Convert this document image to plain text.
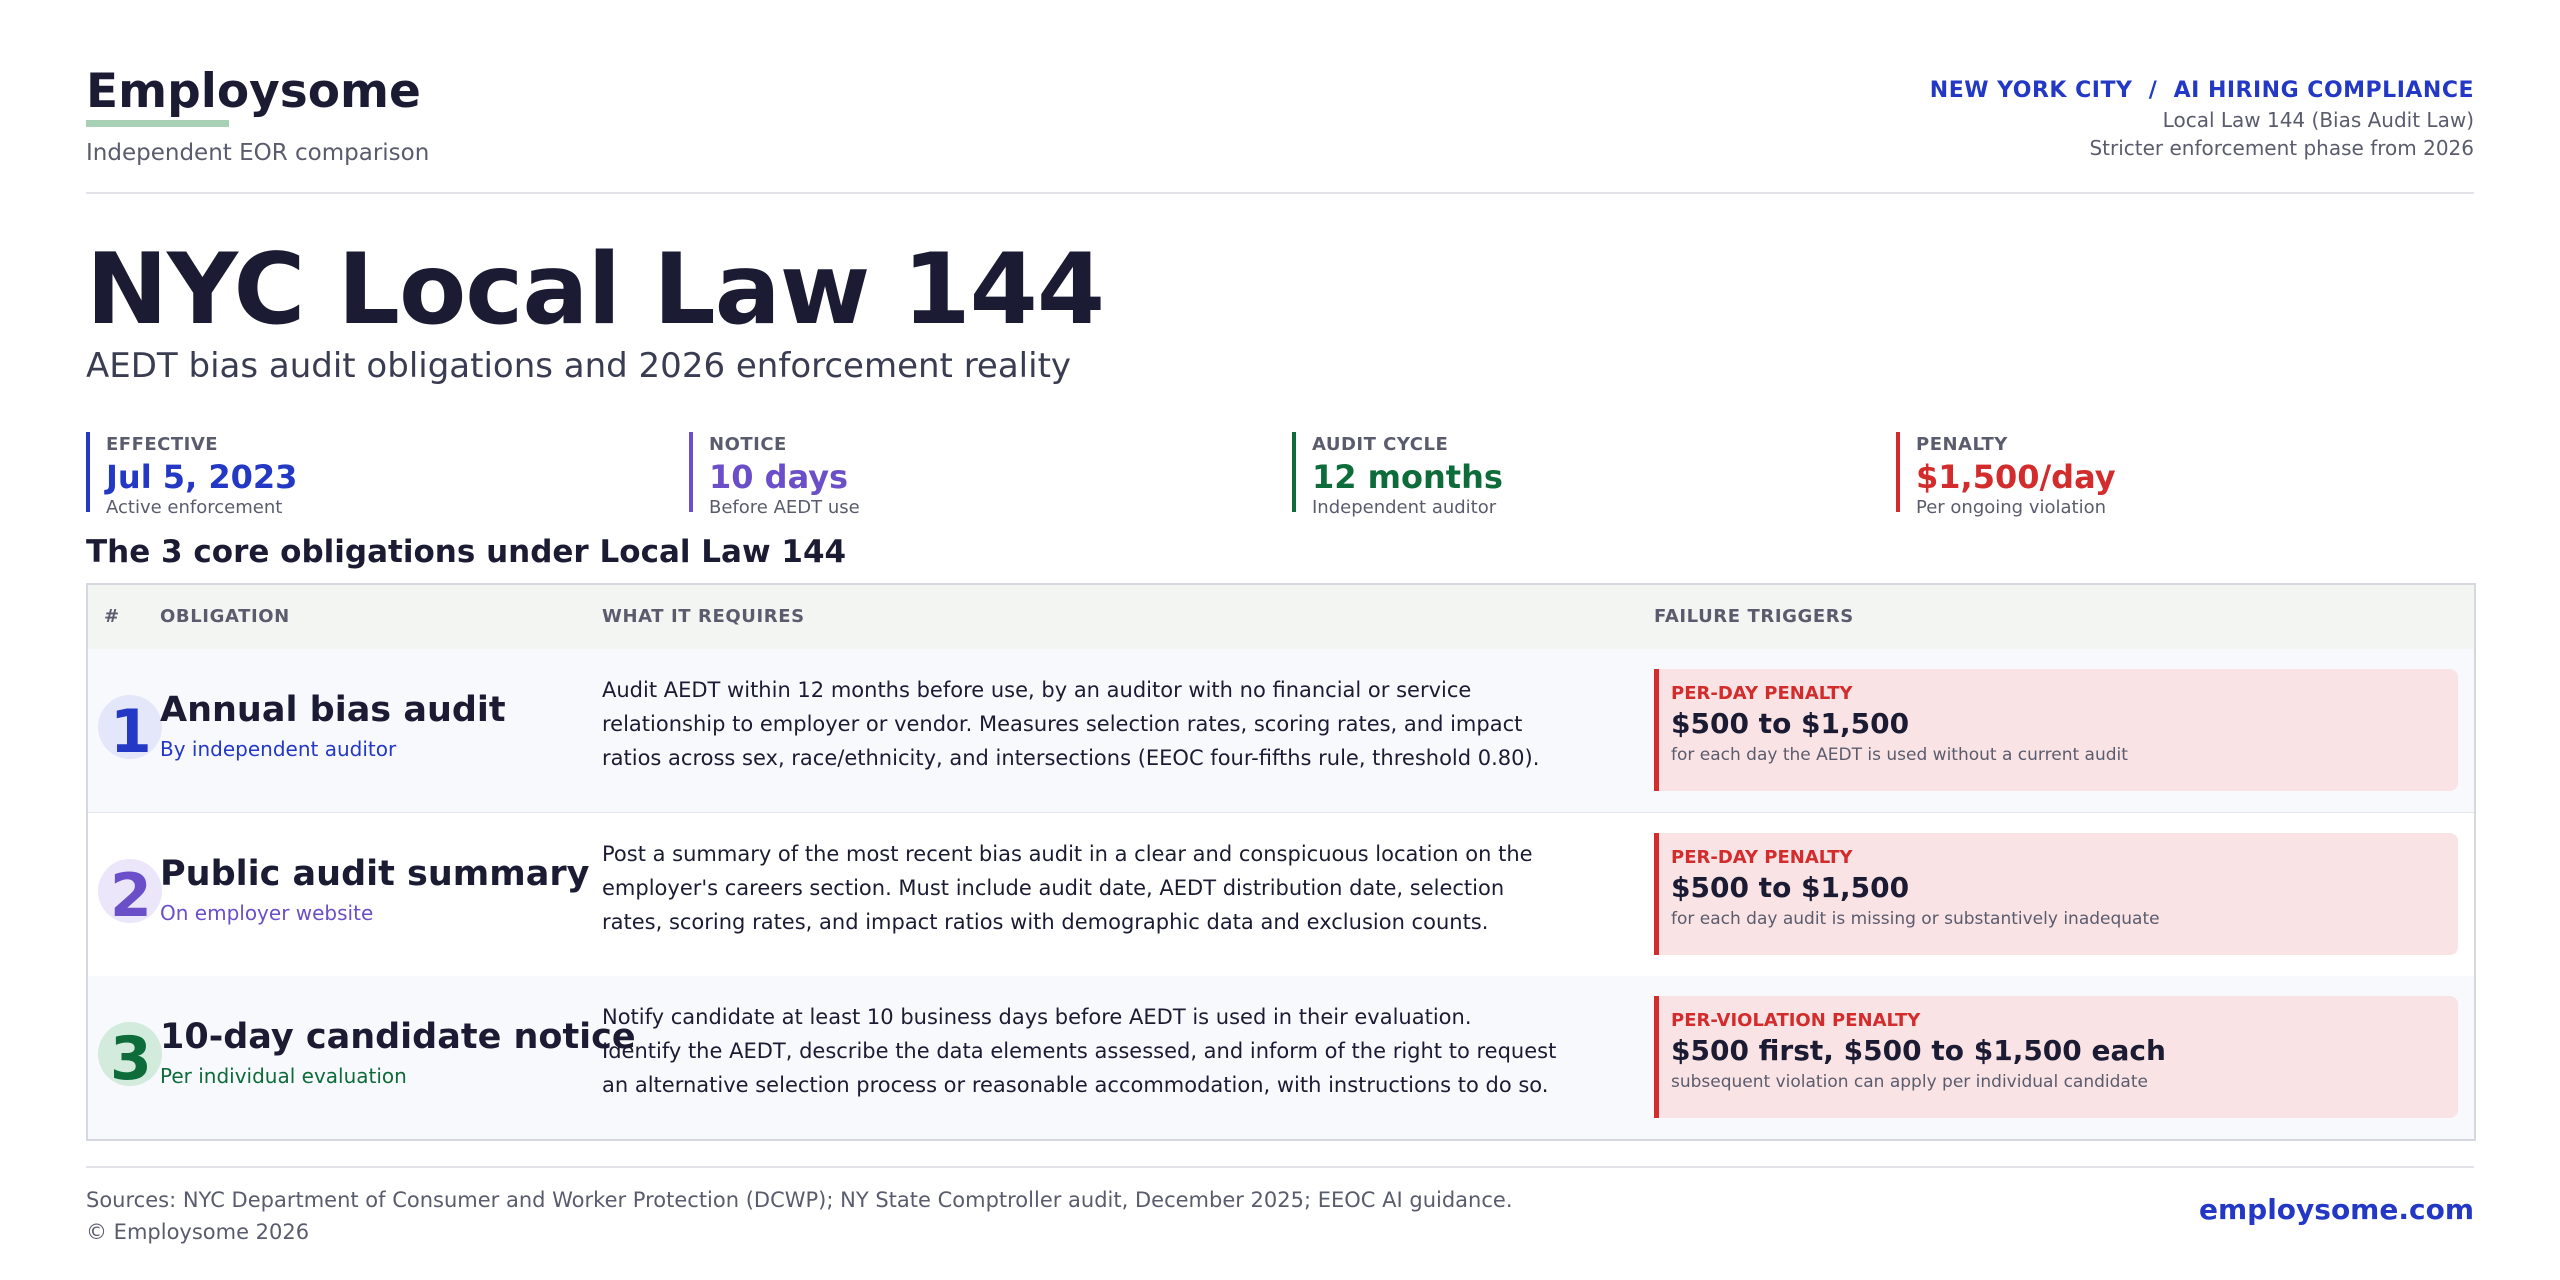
Employsome
Independent EOR comparison
NEW YORK CITY  /  AI HIRING COMPLIANCE
Local Law 144 (Bias Audit Law)
Stricter enforcement phase from 2026
NYC Local Law 144
AEDT bias audit obligations and 2026 enforcement reality
EFFECTIVE
Jul 5, 2023
Active enforcement
NOTICE
10 days
Before AEDT use
AUDIT CYCLE
12 months
Independent auditor
PENALTY
$1,500/day
Per ongoing violation
The 3 core obligations under Local Law 144
# OBLIGATION	WHAT IT REQUIRES	FAILURE TRIGGERS
1 Annual bias audit
By independent auditor
Audit AEDT within 12 months before use, by an auditor with no financial or service
relationship to employer or vendor. Measures selection rates, scoring rates, and impact
ratios across sex, race/ethnicity, and intersections (EEOC four-fifths rule, threshold 0.80).
PER-DAY PENALTY
$500 to $1,500
for each day the AEDT is used without a current audit
2 Public audit summary
On employer website
Post a summary of the most recent bias audit in a clear and conspicuous location on the
employer's careers section. Must include audit date, AEDT distribution date, selection
rates, scoring rates, and impact ratios with demographic data and exclusion counts.
PER-DAY PENALTY
$500 to $1,500
for each day audit is missing or substantively inadequate
3 10-day candidate notice
Per individual evaluation
Notify candidate at least 10 business days before AEDT is used in their evaluation.
Identify the AEDT, describe the data elements assessed, and inform of the right to request
an alternative selection process or reasonable accommodation, with instructions to do so.
PER-VIOLATION PENALTY
$500 first, $500 to $1,500 each
subsequent violation can apply per individual candidate
Sources: NYC Department of Consumer and Worker Protection (DCWP); NY State Comptroller audit, December 2025; EEOC AI guidance.
© Employsome 2026
employsome.com
